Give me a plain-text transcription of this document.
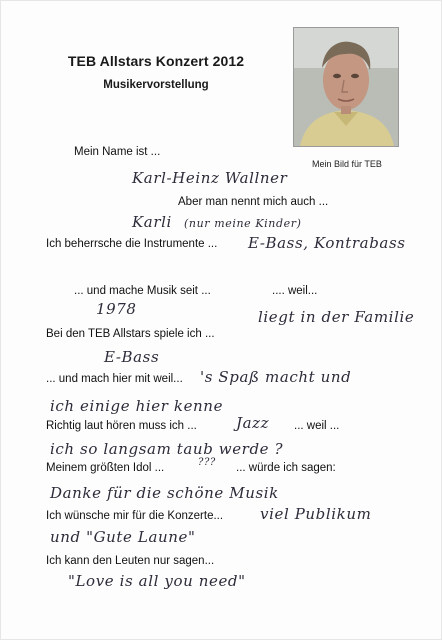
TEB Allstars Konzert 2012
Musikervorstellung
Mein Bild für TEB
Mein Name ist ...
Karl-Heinz Wallner
Aber man nennt mich auch ...
Karli (nur meine Kinder)
Ich beherrsche die Instrumente ... E-Bass, Kontrabass
... und mache Musik seit ...	.... weil...
1978	liegt in der Familie
Bei den TEB Allstars spiele ich ...
E-Bass
... und mach hier mit weil... 's Spaß macht und
ich einige hier kenne
Richtig laut hören muss ich ...	Jazz ... weil ...
ich so langsam taub werde ?
Meinem größten Idol ...	??? ... würde ich sagen:
Danke für die schöne Musik
Ich wünsche mir für die Konzerte... viel Publikum
und "Gute Laune"
Ich kann den Leuten nur sagen...
"Love is all you need"
